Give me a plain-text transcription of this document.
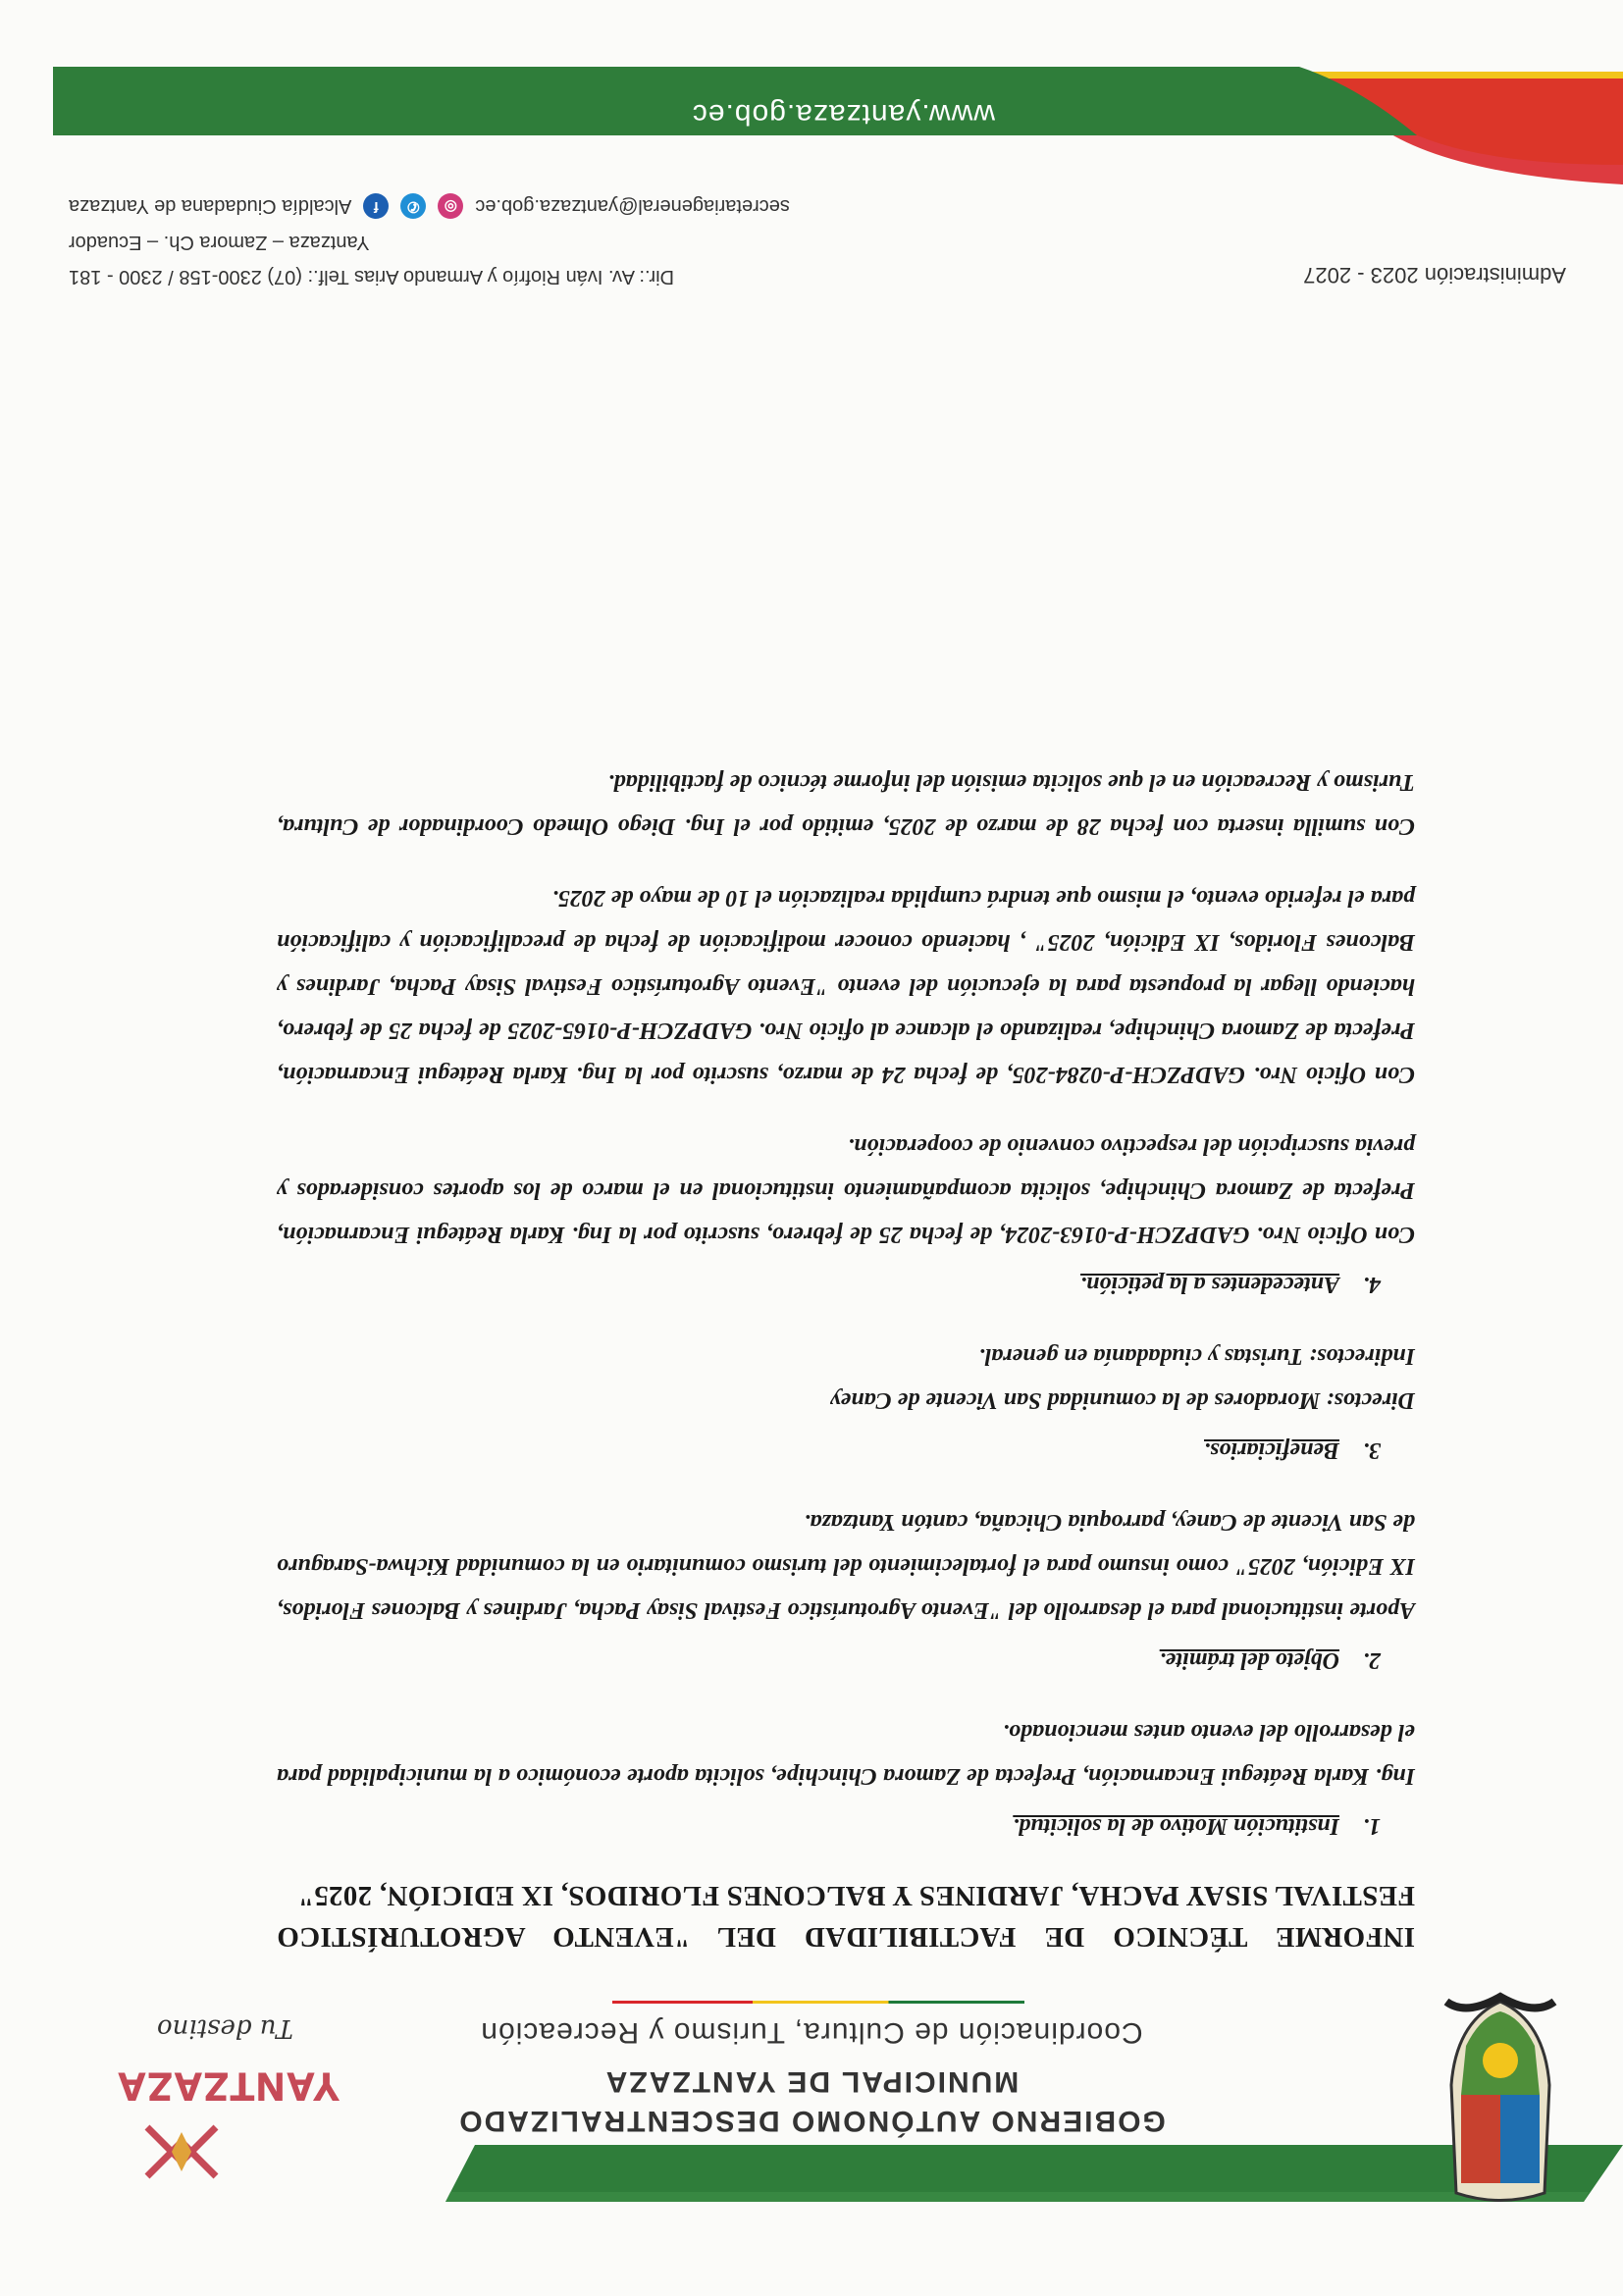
GOBIERNO AUTÓNOMO DESCENTRALIZADO
MUNICIPAL DE YANTZAZA
Coordinación de Cultura, Turismo y Recreación
YANTZAZA
Tu destino
INFORME TÉCNICO DE FACTIBILIDAD DEL "EVENTO AGROTURÍSTICO FESTIVAL SISAY PACHA, JARDINES Y BALCONES FLORIDOS, IX EDICIÓN, 2025"
1.Institución Motivo de la solicitud.
Ing. Karla Reátegui Encarnación, Prefecta de Zamora Chinchipe, solicita aporte económico a la municipalidad para el desarrollo del evento antes mencionado.
2.Objeto del trámite.
Aporte institucional para el desarrollo del "Evento Agroturístico Festival Sisay Pacha, Jardines y Balcones Floridos, IX Edición, 2025" como insumo para el fortalecimiento del turismo comunitario en la comunidad Kichwa-Saraguro de San Vicente de Caney, parroquia Chicaña, cantón Yantzaza.
3.Beneficiarios.
Directos: Moradores de la comunidad San Vicente de Caney
Indirectos: Turistas y ciudadanía en general.
4.Antecedentes a la petición.
Con Oficio Nro. GADPZCH-P-0163-2024, de fecha 25 de febrero, suscrito por la Ing. Karla Reátegui Encarnación, Prefecta de Zamora Chinchipe, solicita acompañamiento institucional en el marco de los aportes considerados y previa suscripción del respectivo convenio de cooperación.
Con Oficio Nro. GADPZCH-P-0284-205, de fecha 24 de marzo, suscrito por la Ing. Karla Reátegui Encarnación, Prefecta de Zamora Chinchipe, realizando el alcance al oficio Nro. GADPZCH-P-0165-2025 de fecha 25 de febrero, haciendo llegar la propuesta para la ejecución del evento "Evento Agroturístico Festival Sisay Pacha, Jardines y Balcones Floridos, IX Edición, 2025" , haciendo conocer modificación de fecha de precalificación y calificación para el referido evento, el mismo que tendrá cumplida realización el 10 de mayo de 2025.
Con sumilla inserta con fecha 28 de marzo de 2025, emitido por el Ing. Diego Olmedo Coordinador de Cultura, Turismo y Recreación en el que solicita emisión del informe técnico de factibilidad.
Administración 2023 - 2027
Dir.: Av. Iván Riofrío y Armando Arias Telf.: (07) 2300-158 / 2300 - 181
Yantzaza – Zamora Ch. – Ecuador
secretariageneral@yantzaza.gob.ec
◎
✆
f
Alcaldía Ciudadana de Yantzaza
www.yantzaza.gob.ec
